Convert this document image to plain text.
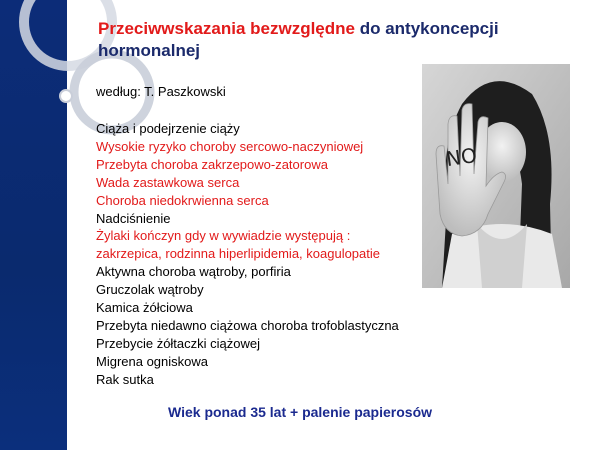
Przeciwwskazania bezwzględne do antykoncepcji hormonalnej
według: T. Paszkowski
Ciąża i podejrzenie ciąży
Wysokie ryzyko choroby sercowo-naczyniowej
Przebyta choroba zakrzepowo-zatorowa
Wada zastawkowa serca
Choroba niedokrwienna serca
Nadciśnienie
Żylaki kończyn gdy w wywiadzie występują :
zakrzepica, rodzinna hiperlipidemia, koagulopatie
Aktywna choroba wątroby, porfiria
Gruczolak wątroby
Kamica żółciowa
Przebyta niedawno ciążowa choroba trofoblastyczna
Przebycie żółtaczki ciążowej
Migrena ogniskowa
Rak sutka
NO
Wiek ponad 35 lat + palenie papierosów
